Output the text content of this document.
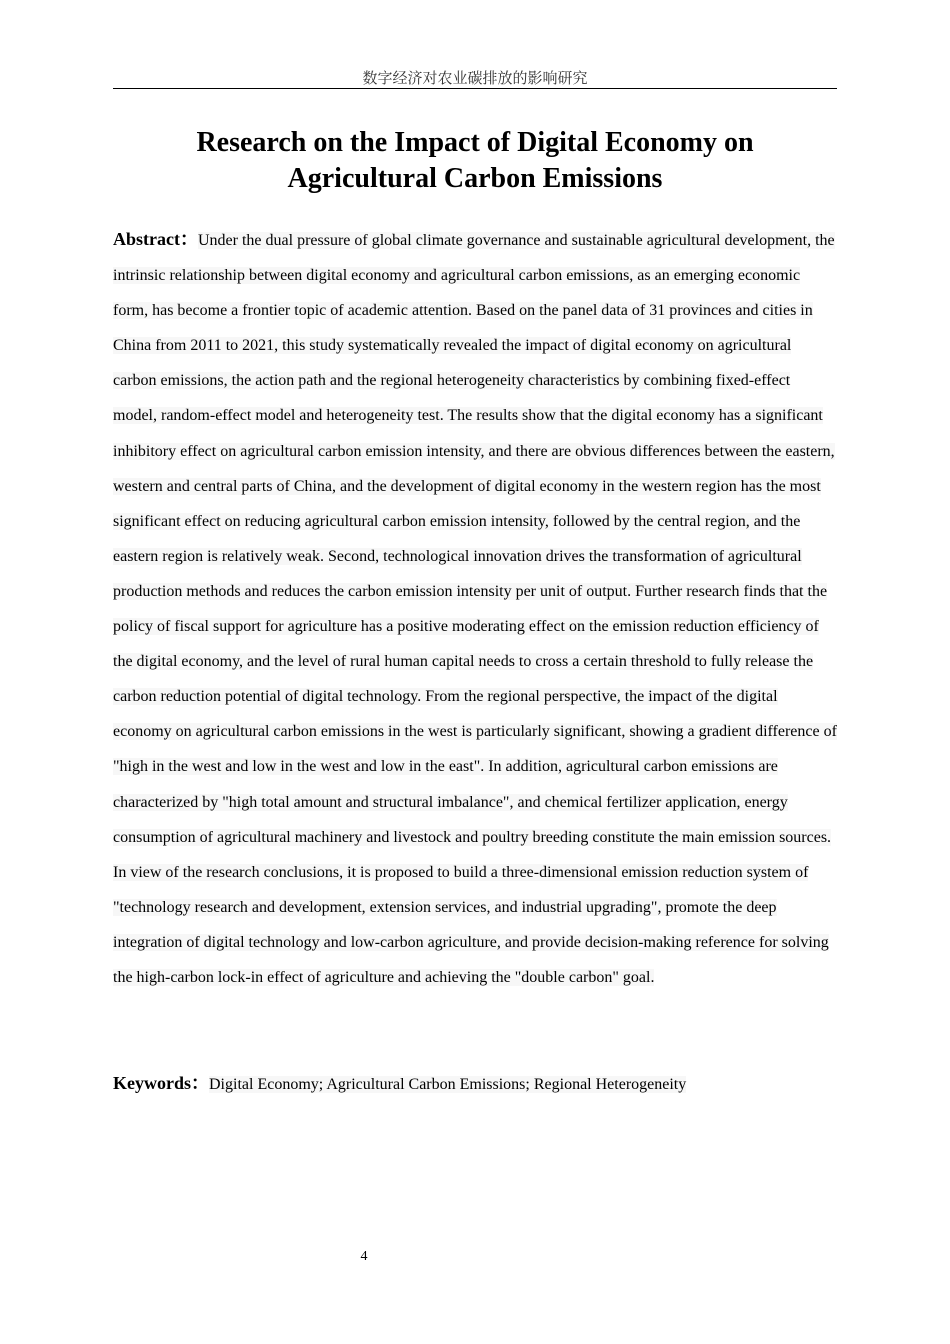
数字经济对农业碳排放的影响研究
Research on the Impact of Digital Economy on
Agricultural Carbon Emissions
Abstract：Under the dual pressure of global climate governance and sustainable agricultural development, the intrinsic relationship between digital economy and agricultural carbon emissions, as an emerging economic form, has become a frontier topic of academic attention. Based on the panel data of 31 provinces and cities in China from 2011 to 2021, this study systematically revealed the impact of digital economy on agricultural carbon emissions, the action path and the regional heterogeneity characteristics by combining fixed-effect model, random-effect model and heterogeneity test. The results show that the digital economy has a significant inhibitory effect on agricultural carbon emission intensity, and there are obvious differences between the eastern, western and central parts of China, and the development of digital economy in the western region has the most significant effect on reducing agricultural carbon emission intensity, followed by the central region, and the eastern region is relatively weak. Second, technological innovation drives the transformation of agricultural production methods and reduces the carbon emission intensity per unit of output. Further research finds that the policy of fiscal support for agriculture has a positive moderating effect on the emission reduction efficiency of the digital economy, and the level of rural human capital needs to cross a certain threshold to fully release the carbon reduction potential of digital technology. From the regional perspective, the impact of the digital economy on agricultural carbon emissions in the west is particularly significant, showing a gradient difference of "high in the west and low in the west and low in the east". In addition, agricultural carbon emissions are characterized by "high total amount and structural imbalance", and chemical fertilizer application, energy consumption of agricultural machinery and livestock and poultry breeding constitute the main emission sources. In view of the research conclusions, it is proposed to build a three-dimensional emission reduction system of "technology research and development, extension services, and industrial upgrading", promote the deep integration of digital technology and low-carbon agriculture, and provide decision-making reference for solving the high-carbon lock-in effect of agriculture and achieving the "double carbon" goal.
Keywords：Digital Economy; Agricultural Carbon Emissions; Regional Heterogeneity
4
